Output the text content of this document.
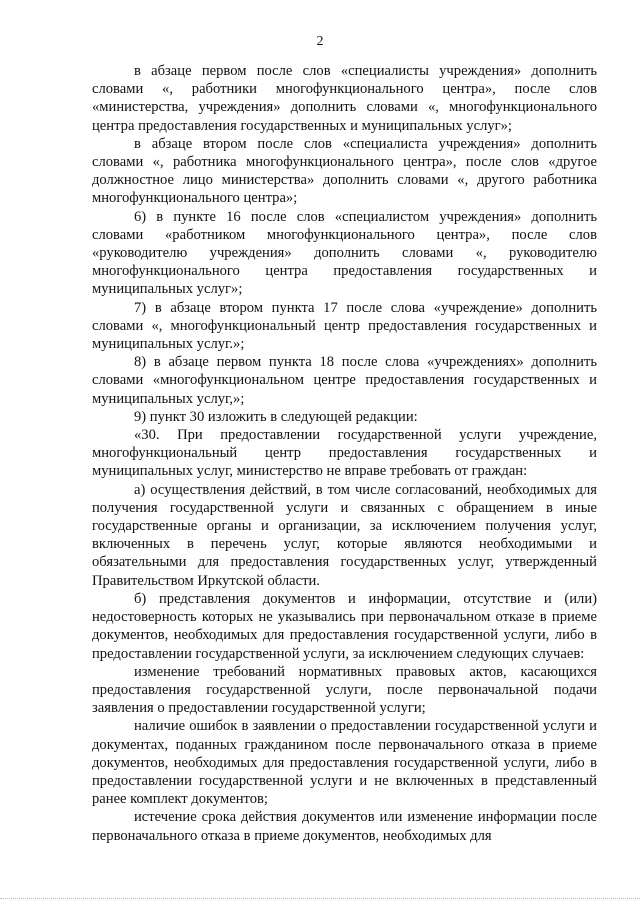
2

в абзаце первом после слов «специалисты учреждения» дополнить словами «, работники многофункционального центра», после слов «министерства, учреждения» дополнить словами «, многофункционального центра предоставления государственных и муниципальных услуг»;

в абзаце втором после слов «специалиста учреждения» дополнить словами «, работника многофункционального центра», после слов «другое должностное лицо министерства» дополнить словами «, другого работника многофункционального центра»;

6) в пункте 16 после слов «специалистом учреждения» дополнить словами «работником многофункционального центра», после слов «руководителю учреждения» дополнить словами «, руководителю многофункционального центра предоставления государственных и муниципальных услуг»;

7) в абзаце втором пункта 17 после слова «учреждение» дополнить словами «, многофункциональный центр предоставления государственных и муниципальных услуг.»;

8) в абзаце первом пункта 18 после слова «учреждениях» дополнить словами «многофункциональном центре предоставления государственных и муниципальных услуг,»;

9) пункт 30 изложить в следующей редакции:

«30. При предоставлении государственной услуги учреждение, многофункциональный центр предоставления государственных и муниципальных услуг, министерство не вправе требовать от граждан:

а) осуществления действий, в том числе согласований, необходимых для получения государственной услуги и связанных с обращением в иные государственные органы и организации, за исключением получения услуг, включенных в перечень услуг, которые являются необходимыми и обязательными для предоставления государственных услуг, утвержденный Правительством Иркутской области.

б) представления документов и информации, отсутствие и (или) недостоверность которых не указывались при первоначальном отказе в приеме документов, необходимых для предоставления государственной услуги, либо в предоставлении государственной услуги, за исключением следующих случаев:

изменение требований нормативных правовых актов, касающихся предоставления государственной услуги, после первоначальной подачи заявления о предоставлении государственной услуги;

наличие ошибок в заявлении о предоставлении государственной услуги и документах, поданных гражданином после первоначального отказа в приеме документов, необходимых для предоставления государственной услуги, либо в предоставлении государственной услуги и не включенных в представленный ранее комплект документов;

истечение срока действия документов или изменение информации после первоначального отказа в приеме документов, необходимых для
